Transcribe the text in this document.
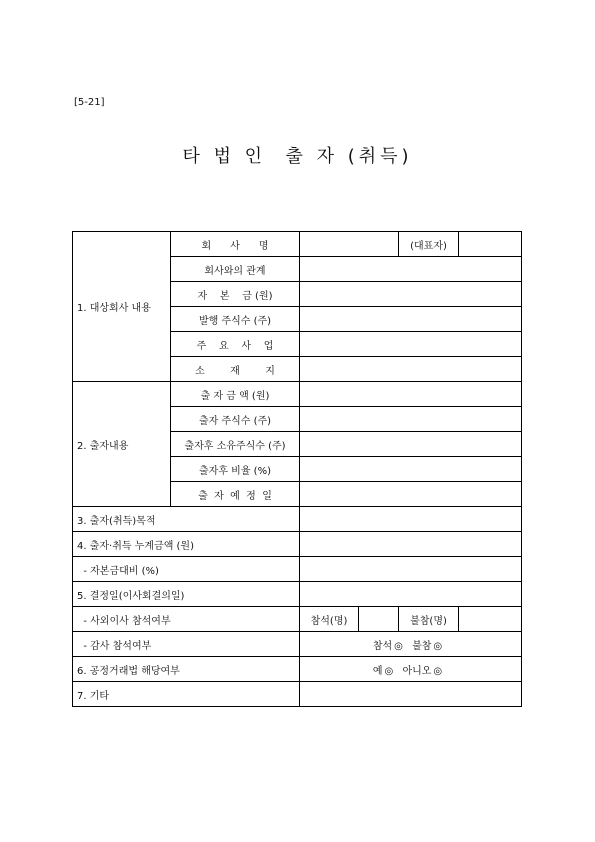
[5-21]
타 법 인  출 자 (취득)
1. 대상회사 내용	회      사      명			(대표자)	
	회사와의 관계				
	자    본    금 (원)				
	발행 주식수 (주)				
	주    요    사    업				
	소        재        지				
2. 출자내용	출 자 금 액 (원)				
	출자 주식수 (주)				
	출자후 소유주식수 (주)				
	출자후 비율 (%)				
	출  자  예  정  일				
3. 출자(취득)목적					
4. 출자·취득 누계금액 (원)					
- 자본금대비 (%)					
5. 결정일(이사회결의일)					
- 사외이사 참석여부		참석(명)		불참(명)	
- 감사 참석여부		참석 ◎ 불참 ◎			
6. 공정거래법 해당여부		예 ◎ 아니오 ◎			
7. 기타					
